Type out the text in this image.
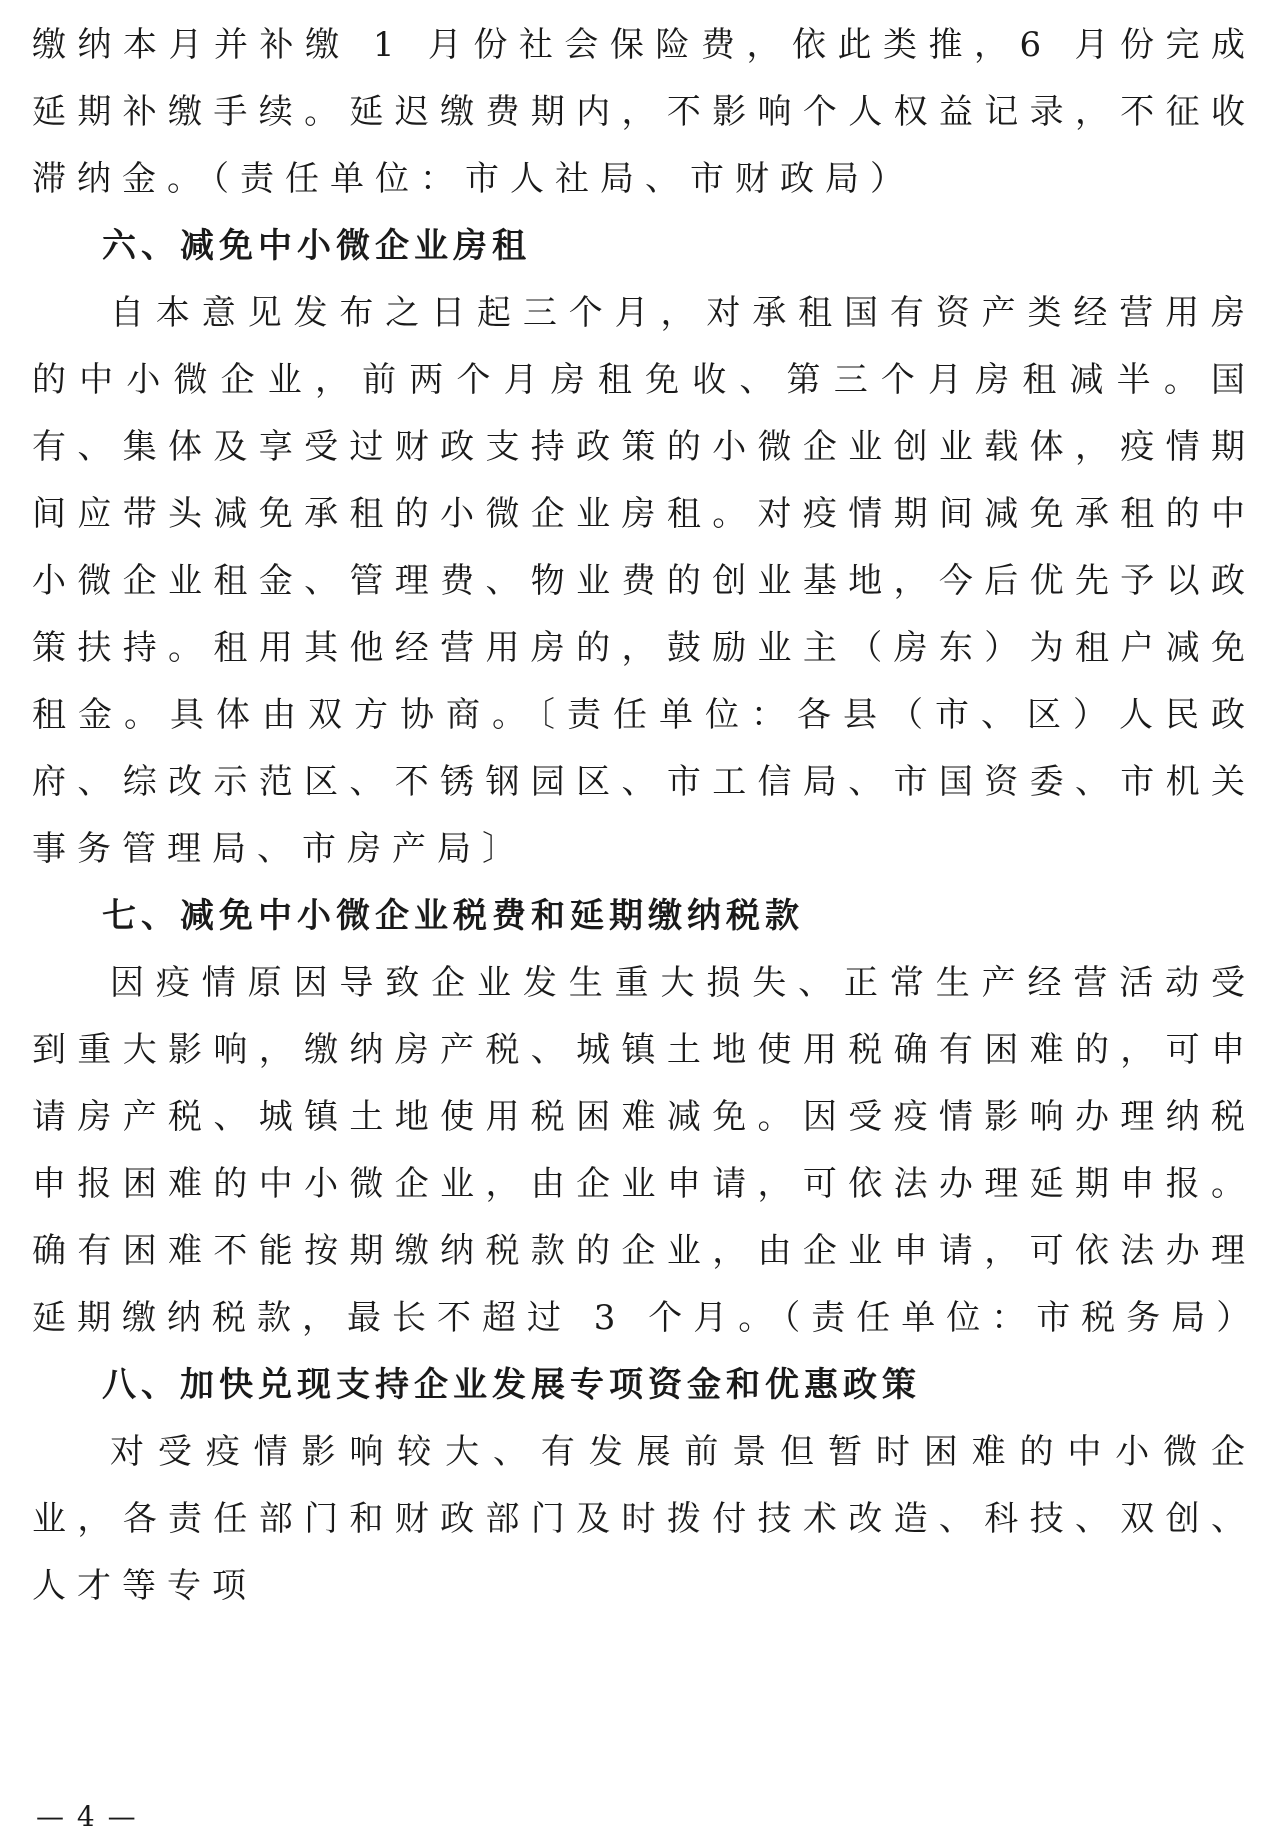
缴纳本月并补缴 1 月份社会保险费，依此类推，6 月份完成延期补缴手续。延迟缴费期内，不影响个人权益记录，不征收滞纳金。（责任单位：市人社局、市财政局）

六、减免中小微企业房租

自本意见发布之日起三个月，对承租国有资产类经营用房的中小微企业，前两个月房租免收、第三个月房租减半。国有、集体及享受过财政支持政策的小微企业创业载体，疫情期间应带头减免承租的小微企业房租。对疫情期间减免承租的中小微企业租金、管理费、物业费的创业基地，今后优先予以政策扶持。租用其他经营用房的，鼓励业主（房东）为租户减免租金。具体由双方协商。〔责任单位：各县（市、区）人民政府、综改示范区、不锈钢园区、市工信局、市国资委、市机关事务管理局、市房产局〕

七、减免中小微企业税费和延期缴纳税款

因疫情原因导致企业发生重大损失、正常生产经营活动受到重大影响，缴纳房产税、城镇土地使用税确有困难的，可申请房产税、城镇土地使用税困难减免。因受疫情影响办理纳税申报困难的中小微企业，由企业申请，可依法办理延期申报。确有困难不能按期缴纳税款的企业，由企业申请，可依法办理延期缴纳税款，最长不超过 3 个月。（责任单位：市税务局）

八、加快兑现支持企业发展专项资金和优惠政策

对受疫情影响较大、有发展前景但暂时困难的中小微企业，各责任部门和财政部门及时拨付技术改造、科技、双创、人才等专项

— 4 —
